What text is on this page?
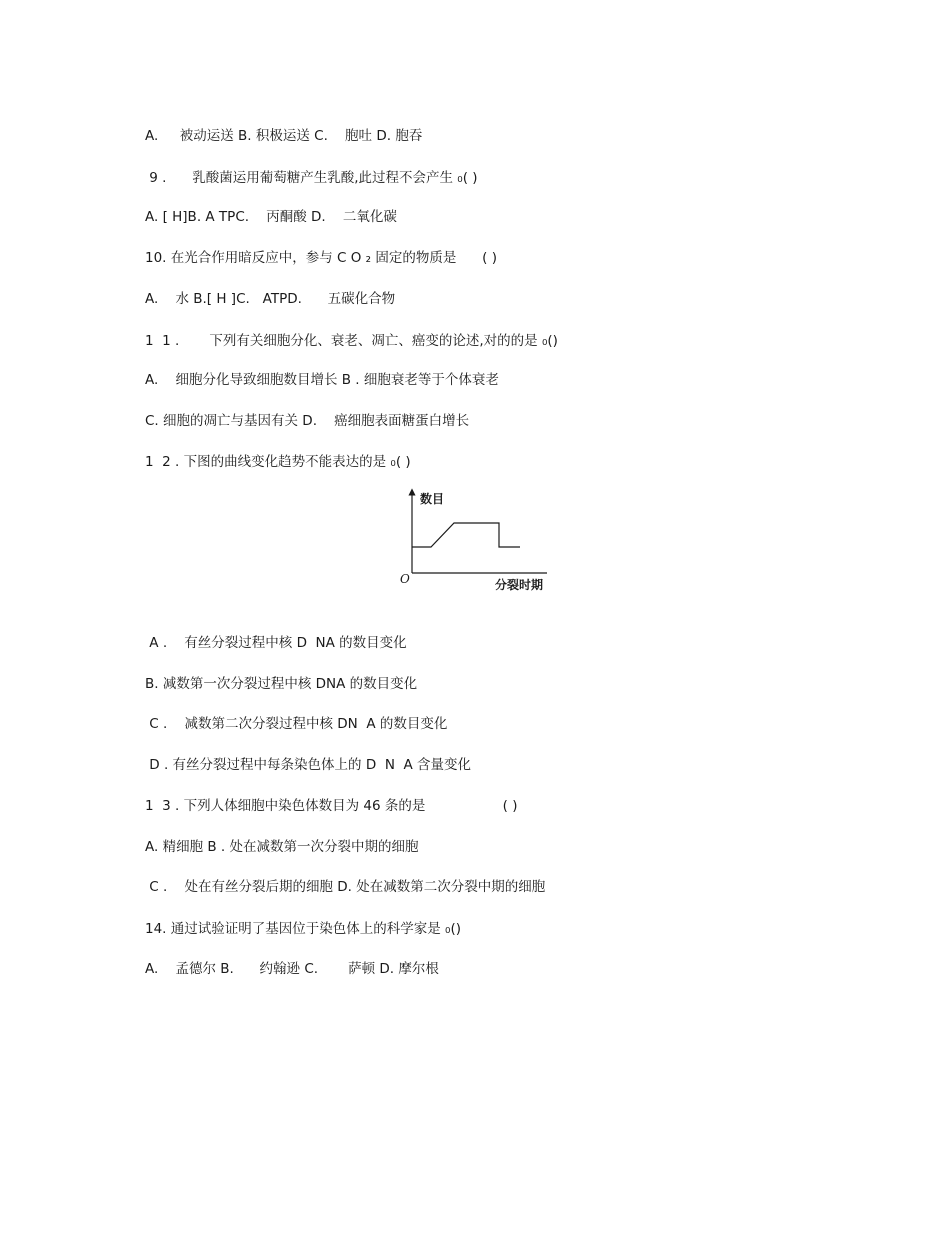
A.     被动运送 B. 积极运送 C.    胞吐 D. 胞吞
9 .      乳酸菌运用葡萄糖产生乳酸,此过程不会产生 ₀( )
A. [ H]B. A TPC.    丙酮酸 D.    二氧化碳
10. 在光合作用暗反应中，参与 C O ₂ 固定的物质是      ( )
A.    水 B.[ H ]C.   ATPD.      五碳化合物
1  1 .       下列有关细胞分化、衰老、凋亡、癌变的论述,对的的是 ₀()
A.    细胞分化导致细胞数目增长 B . 细胞衰老等于个体衰老
C. 细胞的凋亡与基因有关 D.    癌细胞表面糖蛋白增长
1  2 . 下图的曲线变化趋势不能表达的是 ₀( )
数目
分裂时期
O
A .    有丝分裂过程中核 D  NA 的数目变化
B. 减数第一次分裂过程中核 DNA 的数目变化
C .    减数第二次分裂过程中核 DN  A 的数目变化
D . 有丝分裂过程中每条染色体上的 D  N  A 含量变化
1  3 . 下列人体细胞中染色体数目为 46 条的是                  ( )
A. 精细胞 B . 处在减数第一次分裂中期的细胞
C .    处在有丝分裂后期的细胞 D. 处在减数第二次分裂中期的细胞
14. 通过试验证明了基因位于染色体上的科学家是 ₀()
A.    孟德尔 B.      约翰逊 C.       萨顿 D. 摩尔根
